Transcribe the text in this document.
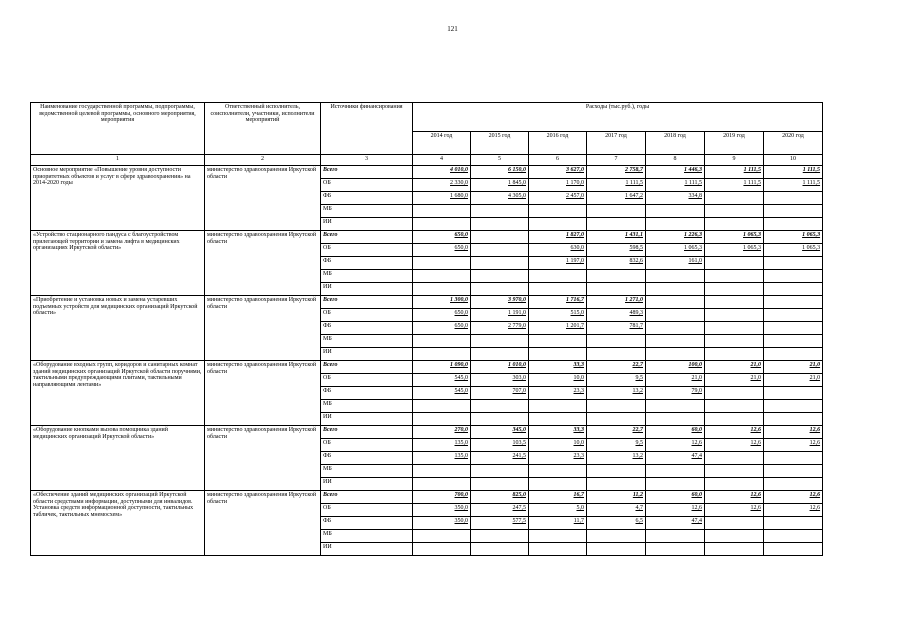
121
Наименование государственной программы, подпрограммы, ведомственной целевой программы, основного мероприятия, мероприятия	Ответственный исполнитель, соисполнители, участники, исполнители мероприятий	Источники финансирования	Расходы (тыс.руб.), годы						
			2014 год	2015 год	2016 год	2017 год	2018 год	2019 год	2020 год
1	2	3	4	5	6	7	8	9	10
Основное мероприятие «Повышение уровня доступности приоритетных объектов и услуг в сфере здравоохранения» на 2014-2020 годы	министерство здравоохранения Иркутской области	Всего	4 010,0	6 150,0	3 627,0	2 758,7	1 446,3	1 111,5	1 111,5
		ОБ	2 330,0	1 845,0	1 170,0	1 111,5	1 111,5	1 111,5	1 111,5
		ФБ	1 680,0	4 305,0	2 457,0	1 647,2	334,8		
		МБ							
		ИИ							
«Устройство стационарного пандуса с благоустройством прилегающей территории и замена лифта в медицинских организациях Иркутской области»	министерство здравоохранения Иркутской области	Всего	650,0		1 827,0	1 431,1	1 226,3	1 065,3	1 065,3
		ОБ	650,0		630,0	598,5	1 065,3	1 065,3	1 065,3
		ФБ			1 197,0	832,6	161,0		
		МБ							
		ИИ							
«Приобретение и установка новых и замена устаревших подъемных устройств для медицинских организаций Иркутской области»	министерство здравоохранения Иркутской области	Всего	1 300,0	3 970,0	1 716,7	1 271,0			
		ОБ	650,0	1 191,0	515,0	489,3			
		ФБ	650,0	2 779,0	1 201,7	781,7			
		МБ							
		ИИ							
«Оборудование входных групп, коридоров и санитарных комнат зданий медицинских организаций Иркутской области поручнями, тактильными предупреждающими плитами, тактильными направляющими лентами»	министерство здравоохранения Иркутской области	Всего	1 090,0	1 010,0	33,3	22,7	100,0	21,0	21,0
		ОБ	545,0	303,0	10,0	9,5	21,0	21,0	21,0
		ФБ	545,0	707,0	23,3	13,2	79,0		
		МБ							
		ИИ							
«Оборудование кнопками вызова помощника зданий медицинских организаций Иркутской области»	министерство здравоохранения Иркутской области	Всего	270,0	345,0	33,3	22,7	60,0	12,6	12,6
		ОБ	135,0	103,5	10,0	9,5	12,6	12,6	12,6
		ФБ	135,0	241,5	23,3	13,2	47,4		
		МБ							
		ИИ							
«Обеспечение зданий медицинских организаций Иркутской области средствами информации, доступными для инвалидов. Установка средств информационной доступности, тактильных табличек, тактильных мнемосхем»	министерство здравоохранения Иркутской области	Всего	700,0	825,0	16,7	11,2	60,0	12,6	12,6
		ОБ	350,0	247,5	5,0	4,7	12,6	12,6	12,6
		ФБ	350,0	577,5	11,7	6,5	47,4		
		МБ							
		ИИ							
